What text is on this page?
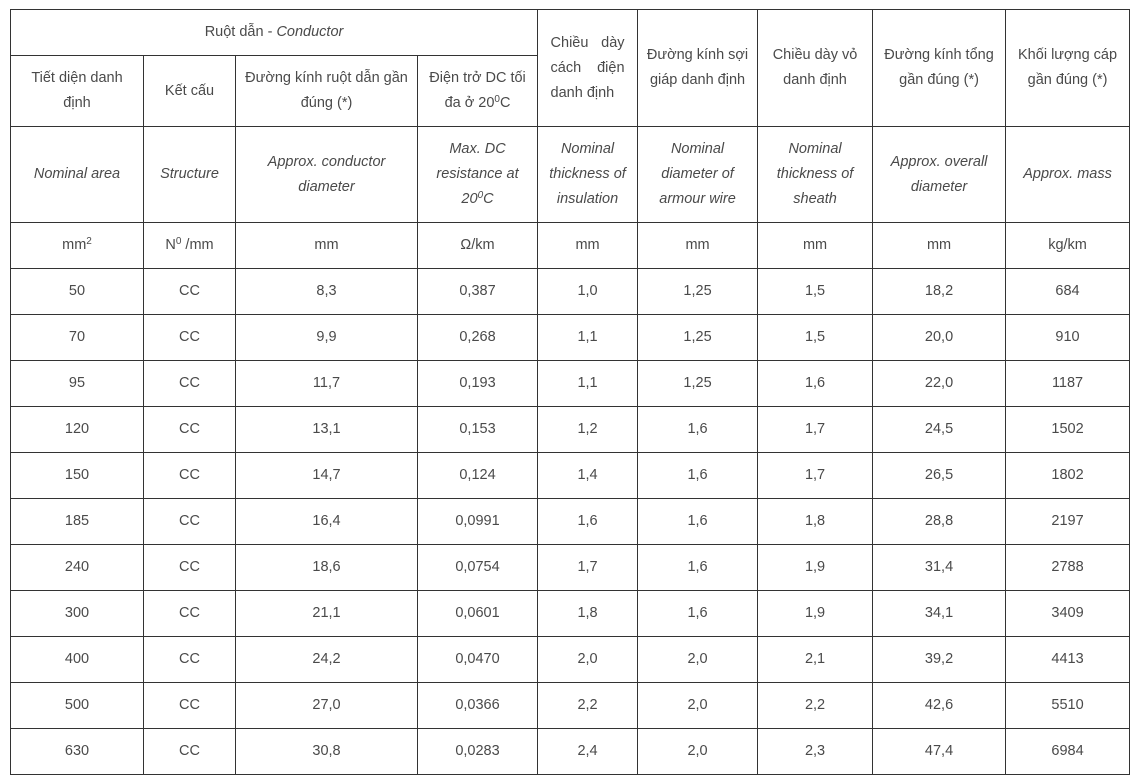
Ruột dẫn - Conductor				Chiều dày cách điện danh định	Đường kính sợi giáp danh định	Chiều dày vỏ danh định	Đường kính tổng gần đúng (*)	Khối lượng cáp gần đúng (*)
Tiết diện danh định	Kết cấu	Đường kính ruột dẫn gần đúng (*)	Điện trở DC tối đa ở $20^0C$					
Nominal area	Structure	Approx. conductor diameter	Max. DC resistance at $20^0C$	Nominal thickness of insulation	Nominal diameter of armour wire	Nominal thickness of sheath	Approx. overall diameter	Approx. mass
$mm^2$	$N^0$ /mm	mm	Ω/km	mm	mm	mm	mm	kg/km
50	CC	8,3	0,387	1,0	1,25	1,5	18,2	684
70	CC	9,9	0,268	1,1	1,25	1,5	20,0	910
95	CC	11,7	0,193	1,1	1,25	1,6	22,0	1187
120	CC	13,1	0,153	1,2	1,6	1,7	24,5	1502
150	CC	14,7	0,124	1,4	1,6	1,7	26,5	1802
185	CC	16,4	0,0991	1,6	1,6	1,8	28,8	2197
240	CC	18,6	0,0754	1,7	1,6	1,9	31,4	2788
300	CC	21,1	0,0601	1,8	1,6	1,9	34,1	3409
400	CC	24,2	0,0470	2,0	2,0	2,1	39,2	4413
500	CC	27,0	0,0366	2,2	2,0	2,2	42,6	5510
630	CC	30,8	0,0283	2,4	2,0	2,3	47,4	6984
